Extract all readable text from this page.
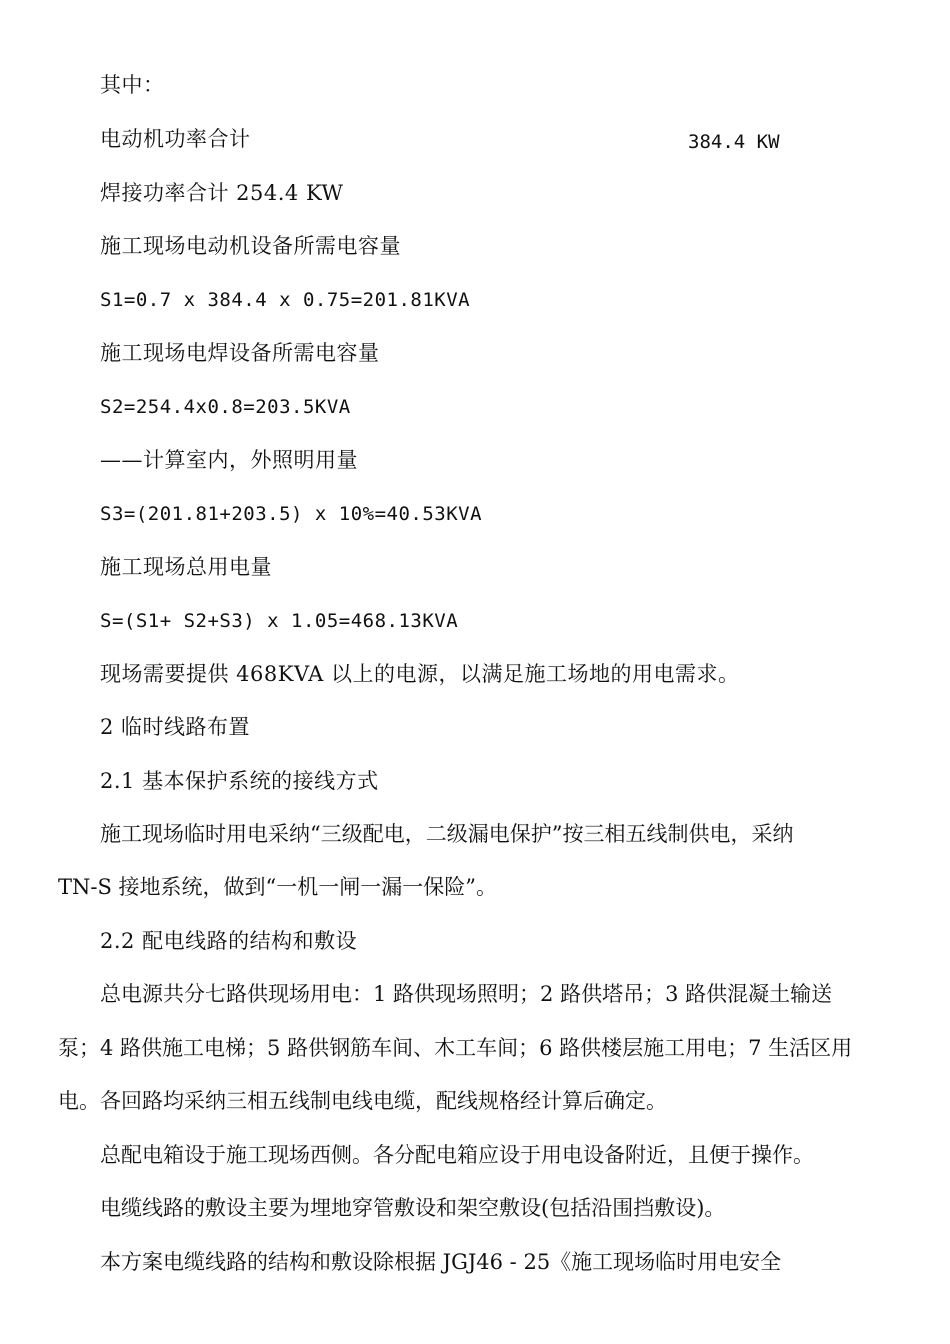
其中：
电动机功率合计	384.4 KW
焊接功率合计 254.4 KW
施工现场电动机设备所需电容量
S1=0.7 x 384.4 x 0.75=201.81KVA
施工现场电焊设备所需电容量
S2=254.4x0.8=203.5KVA
——计算室内，外照明用量
S3=(201.81+203.5) x 10%=40.53KVA
施工现场总用电量
S=(S1+ S2+S3) x 1.05=468.13KVA
现场需要提供 468KVA 以上的电源，以满足施工场地的用电需求。
2 临时线路布置
2.1 基本保护系统的接线方式
施工现场临时用电采纳“三级配电，二级漏电保护”按三相五线制供电，采纳
TN-S 接地系统，做到“一机一闸一漏一保险”。
2.2 配电线路的结构和敷设
总电源共分七路供现场用电：1 路供现场照明；2 路供塔吊；3 路供混凝土输送
泵；4 路供施工电梯；5 路供钢筋车间、木工车间；6 路供楼层施工用电；7 生活区用
电。各回路均采纳三相五线制电线电缆，配线规格经计算后确定。
总配电箱设于施工现场西侧。各分配电箱应设于用电设备附近，且便于操作。
电缆线路的敷设主要为埋地穿管敷设和架空敷设(包括沿围挡敷设)。
本方案电缆线路的结构和敷设除根据 JGJ46 - 25《施工现场临时用电安全
